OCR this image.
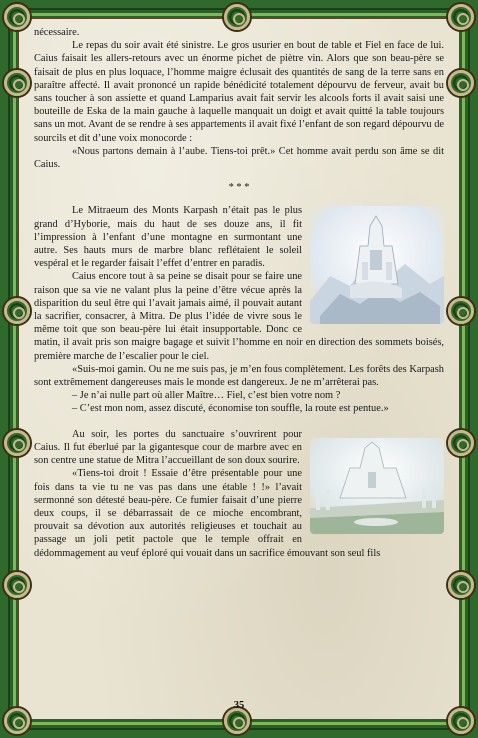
nécessaire.

Le repas du soir avait été sinistre. Le gros usurier en bout de table et Fiel en face de lui. Caius faisait les allers-retours avec un énorme pichet de piètre vin. Alors que son beau-père se faisait de plus en plus loquace, l’homme maigre éclusait des quantités de sang de la terre sans en paraître affecté. Il avait prononcé un rapide bénédicité totalement dépourvu de ferveur, avait bu sans toucher à son assiette et quand Lamparius avait fait servir les alcools forts il avait saisi une bouteille de Eska de la main gauche à laquelle manquait un doigt et avait quitté la table toujours sans un mot. Avant de se rendre à ses appartements il avait fixé l’enfant de son regard dépourvu de sourcils et dit d’une voix monocorde :

«Nous partons demain à l’aube. Tiens-toi prêt.» Cet homme avait perdu son âme se dit Caius.

* * *

Le Mitraeum des Monts Karpash n’était pas le plus grand d’Hyborie, mais du haut de ses douze ans, il fit l’impression à l’enfant d’une montagne en surmontant une autre. Ses hauts murs de marbre blanc reflétaient le soleil vespéral et le regarder faisait l’effet d’entrer en paradis.

Caius encore tout à sa peine se disait pour se faire une raison que sa vie ne valant plus la peine d’être vécue après la disparition du seul être qui l’avait jamais aimé, il pouvait autant la sacrifier, consacrer, à Mitra. De plus l’idée de vivre sous le même toit que son beau-père lui était insupportable. Donc ce matin, il avait pris son maigre bagage et suivit l’homme en noir en direction des sommets boisés, première marche de l’escalier pour le ciel.

«Suis-moi gamin. Ou ne me suis pas, je m’en fous complètement. Les forêts des Karpash sont extrêmement dangereuses mais le monde est dangereux. Je ne m’arrêterai pas.

– Je n’ai nulle part où aller Maître… Fiel, c’est bien votre nom ?

– C’est mon nom, assez discuté, économise ton souffle, la route est pentue.»

Au soir, les portes du sanctuaire s’ouvrirent pour Caius. Il fut éberlué par la gigantesque cour de marbre avec en son centre une statue de Mitra l’accueillant de son doux sourire.

«Tiens-toi droit ! Essaie d’être présentable pour une fois dans ta vie tu ne vas pas dans une étable ! !» l’avait sermonné son détesté beau-père. Ce fumier faisait d’une pierre deux coups, il se débarrassait de ce mioche encombrant, prouvait sa dévotion aux autorités religieuses et touchait au passage un joli petit pactole que le temple offrait en dédommagement au veuf éploré qui vouait dans un sacrifice émouvant son seul fils

35
